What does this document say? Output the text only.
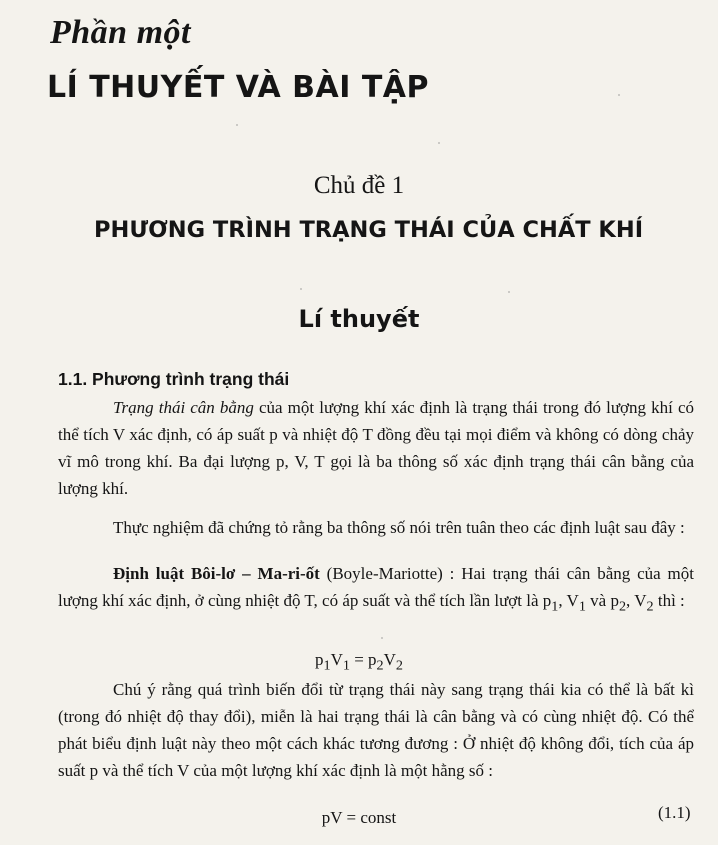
Phần một
LÍ THUYẾT VÀ BÀI TẬP
Chủ đề 1
PHƯƠNG TRÌNH TRẠNG THÁI CỦA CHẤT KHÍ
Lí thuyết
1.1. Phương trình trạng thái

Trạng thái cân bằng của một lượng khí xác định là trạng thái trong đó lượng khí có thể tích V xác định, có áp suất p và nhiệt độ T đồng đều tại mọi điểm và không có dòng chảy vĩ mô trong khí. Ba đại lượng p, V, T gọi là ba thông số xác định trạng thái cân bằng của lượng khí.

Thực nghiệm đã chứng tỏ rằng ba thông số nói trên tuân theo các định luật sau đây :

Định luật Bôi-lơ – Ma-ri-ốt (Boyle-Mariotte) : Hai trạng thái cân bằng của một lượng khí xác định, ở cùng nhiệt độ T, có áp suất và thể tích lần lượt là $p_1$, $V_1$ và $p_2$, $V_2$ thì :

$p_1V_1 = p_2V_2$

Chú ý rằng quá trình biến đổi từ trạng thái này sang trạng thái kia có thể là bất kì (trong đó nhiệt độ thay đổi), miễn là hai trạng thái là cân bằng và có cùng nhiệt độ. Có thể phát biểu định luật này theo một cách khác tương đương : Ở nhiệt độ không đổi, tích của áp suất p và thể tích V của một lượng khí xác định là một hằng số :

pV = const	(1.1)
